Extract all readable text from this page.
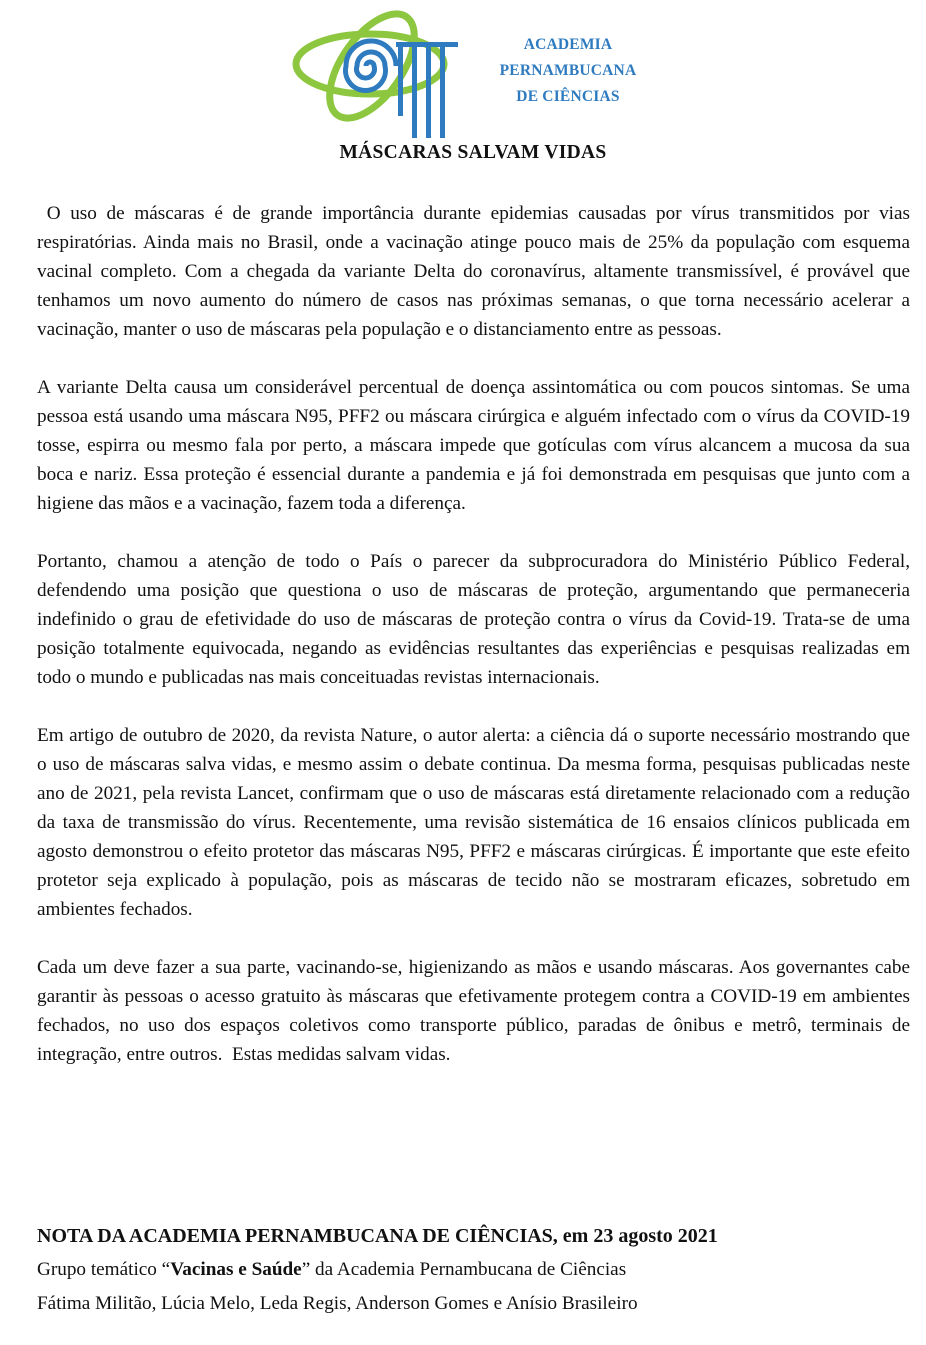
ACADEMIA
PERNAMBUCANA
DE CIÊNCIAS
MÁSCARAS SALVAM VIDAS

O uso de máscaras é de grande importância durante epidemias causadas por vírus transmitidos por vias respiratórias. Ainda mais no Brasil, onde a vacinação atinge pouco mais de 25% da população com esquema vacinal completo. Com a chegada da variante Delta do coronavírus, altamente transmissível, é provável que tenhamos um novo aumento do número de casos nas próximas semanas, o que torna necessário acelerar a vacinação, manter o uso de máscaras pela população e o distanciamento entre as pessoas.

A variante Delta causa um considerável percentual de doença assintomática ou com poucos sintomas. Se uma pessoa está usando uma máscara N95, PFF2 ou máscara cirúrgica e alguém infectado com o vírus da COVID-19 tosse, espirra ou mesmo fala por perto, a máscara impede que gotículas com vírus alcancem a mucosa da sua boca e nariz. Essa proteção é essencial durante a pandemia e já foi demonstrada em pesquisas que junto com a higiene das mãos e a vacinação, fazem toda a diferença.

Portanto, chamou a atenção de todo o País o parecer da subprocuradora do Ministério Público Federal, defendendo uma posição que questiona o uso de máscaras de proteção, argumentando que permaneceria indefinido o grau de efetividade do uso de máscaras de proteção contra o vírus da Covid-19. Trata-se de uma posição totalmente equivocada, negando as evidências resultantes das experiências e pesquisas realizadas em todo o mundo e publicadas nas mais conceituadas revistas internacionais.

Em artigo de outubro de 2020, da revista Nature, o autor alerta: a ciência dá o suporte necessário mostrando que o uso de máscaras salva vidas, e mesmo assim o debate continua. Da mesma forma, pesquisas publicadas neste ano de 2021, pela revista Lancet, confirmam que o uso de máscaras está diretamente relacionado com a redução da taxa de transmissão do vírus. Recentemente, uma revisão sistemática de 16 ensaios clínicos publicada em agosto demonstrou o efeito protetor das máscaras N95, PFF2 e máscaras cirúrgicas. É importante que este efeito protetor seja explicado à população, pois as máscaras de tecido não se mostraram eficazes, sobretudo em ambientes fechados.

Cada um deve fazer a sua parte, vacinando-se, higienizando as mãos e usando máscaras. Aos governantes cabe garantir às pessoas o acesso gratuito às máscaras que efetivamente protegem contra a COVID-19 em ambientes fechados, no uso dos espaços coletivos como transporte público, paradas de ônibus e metrô, terminais de integração, entre outros.  Estas medidas salvam vidas.

NOTA DA ACADEMIA PERNAMBUCANA DE CIÊNCIAS, em 23 agosto 2021
Grupo temático “Vacinas e Saúde” da Academia Pernambucana de Ciências
Fátima Militão, Lúcia Melo, Leda Regis, Anderson Gomes e Anísio Brasileiro
